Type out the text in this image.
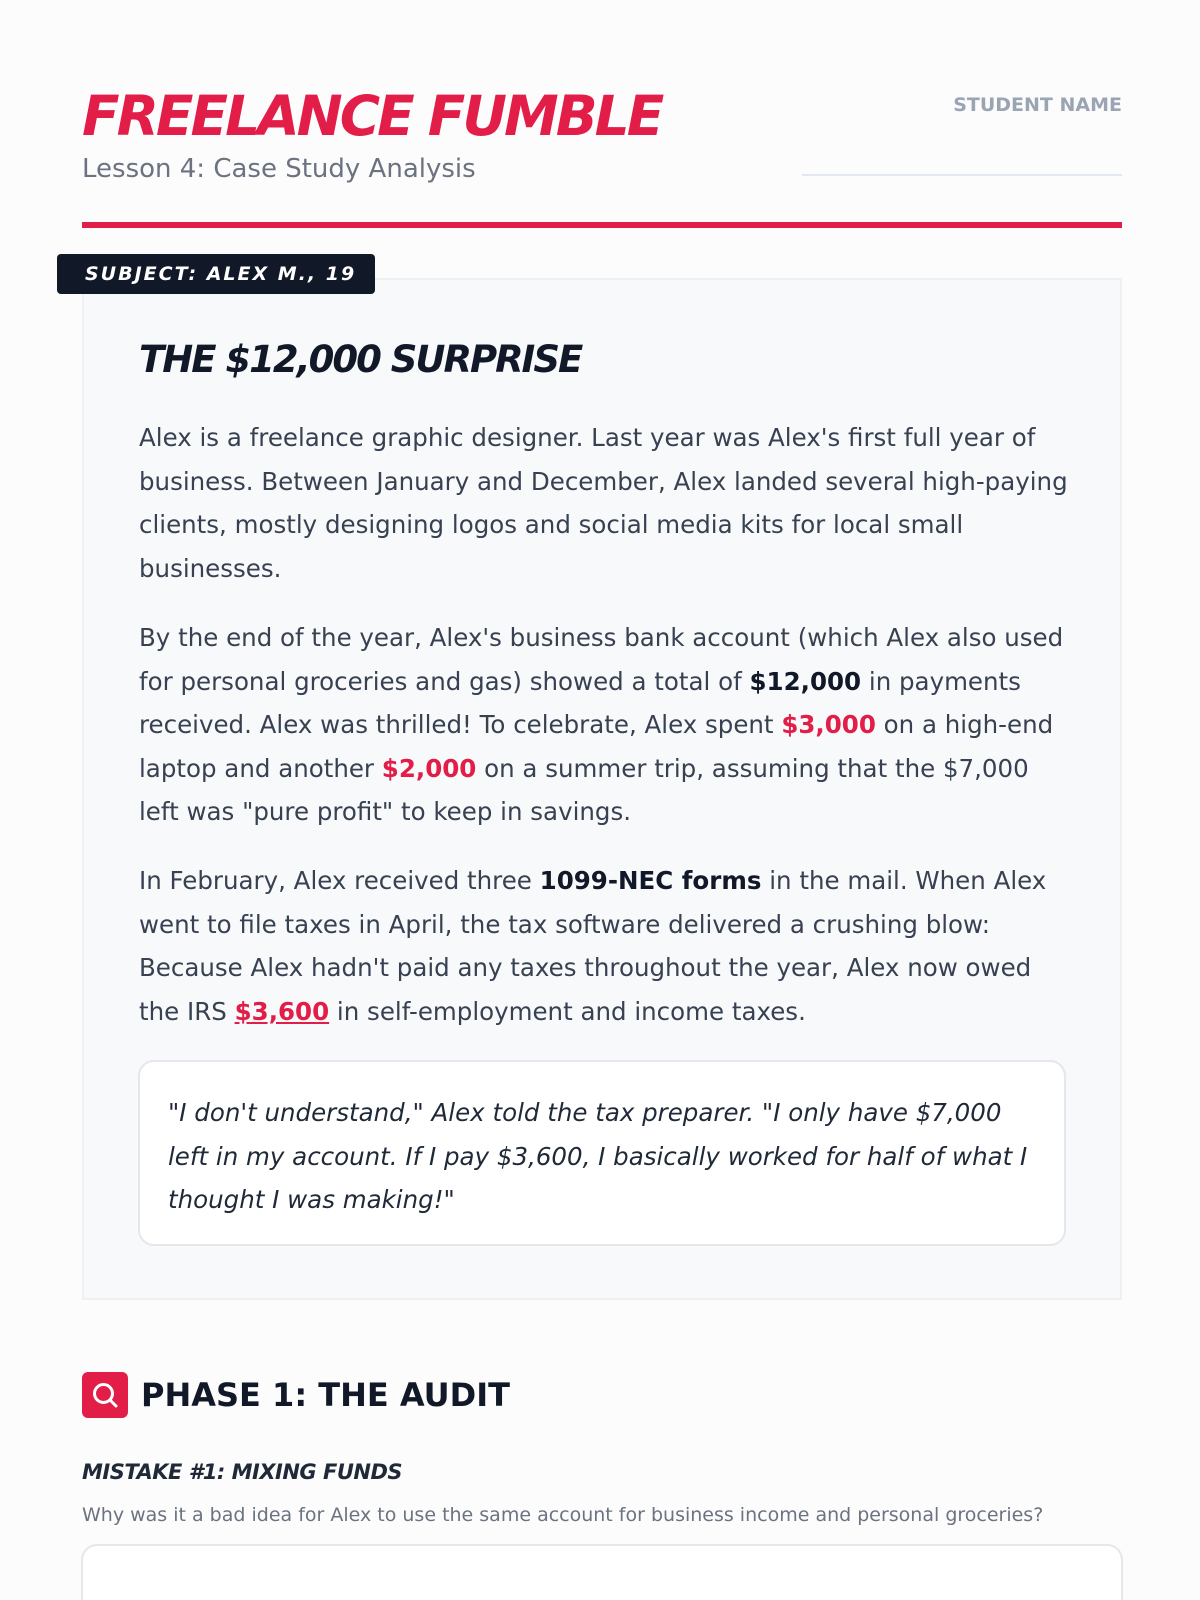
FREELANCE FUMBLE
Lesson 4: Case Study Analysis
STUDENT NAME
SUBJECT: ALEX M., 19
THE $12,000 SURPRISE

Alex is a freelance graphic designer. Last year was Alex's first full year of business. Between January and December, Alex landed several high-paying clients, mostly designing logos and social media kits for local small businesses.

By the end of the year, Alex's business bank account (which Alex also used for personal groceries and gas) showed a total of $12,000 in payments received. Alex was thrilled! To celebrate, Alex spent $3,000 on a high-end laptop and another $2,000 on a summer trip, assuming that the $7,000 left was "pure profit" to keep in savings.

In February, Alex received three 1099-NEC forms in the mail. When Alex went to file taxes in April, the tax software delivered a crushing blow: Because Alex hadn't paid any taxes throughout the year, Alex now owed the IRS $3,600 in self-employment and income taxes.

"I don't understand," Alex told the tax preparer. "I only have $7,000 left in my account. If I pay $3,600, I basically worked for half of what I thought I was making!"
PHASE 1: THE AUDIT
MISTAKE #1: MIXING FUNDS
Why was it a bad idea for Alex to use the same account for business income and personal groceries?
